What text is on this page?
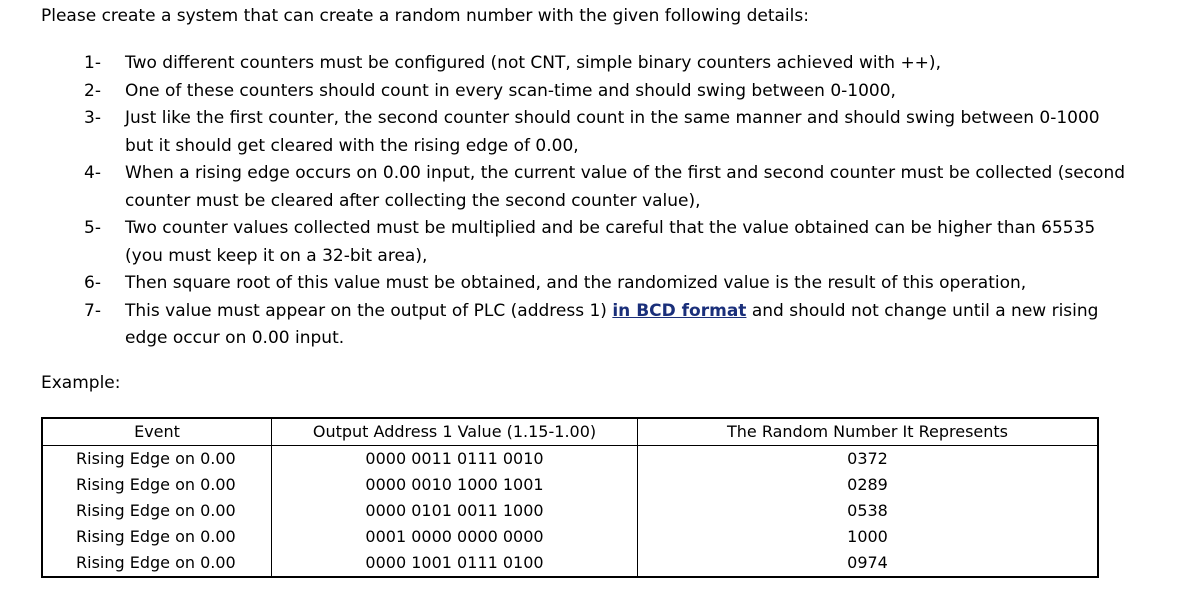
Please create a system that can create a random number with the given following details:
1-	Two different counters must be configured (not CNT, simple binary counters achieved with ++),
2-	One of these counters should count in every scan-time and should swing between 0-1000,
3-	Just like the first counter, the second counter should count in the same manner and should swing between 0-1000 but it should get cleared with the rising edge of 0.00,
4-	When a rising edge occurs on 0.00 input, the current value of the first and second counter must be collected (second counter must be cleared after collecting the second counter value),
5-	Two counter values collected must be multiplied and be careful that the value obtained can be higher than 65535 (you must keep it on a 32-bit area),
6-	Then square root of this value must be obtained, and the randomized value is the result of this operation,
7-	This value must appear on the output of PLC (address 1) in BCD format and should not change until a new rising edge occur on 0.00 input.
Example:
Event	Output Address 1 Value (1.15-1.00)	The Random Number It Represents
Rising Edge on 0.00	0000 0011 0111 0010	0372
Rising Edge on 0.00	0000 0010 1000 1001	0289
Rising Edge on 0.00	0000 0101 0011 1000	0538
Rising Edge on 0.00	0001 0000 0000 0000	1000
Rising Edge on 0.00	0000 1001 0111 0100	0974
